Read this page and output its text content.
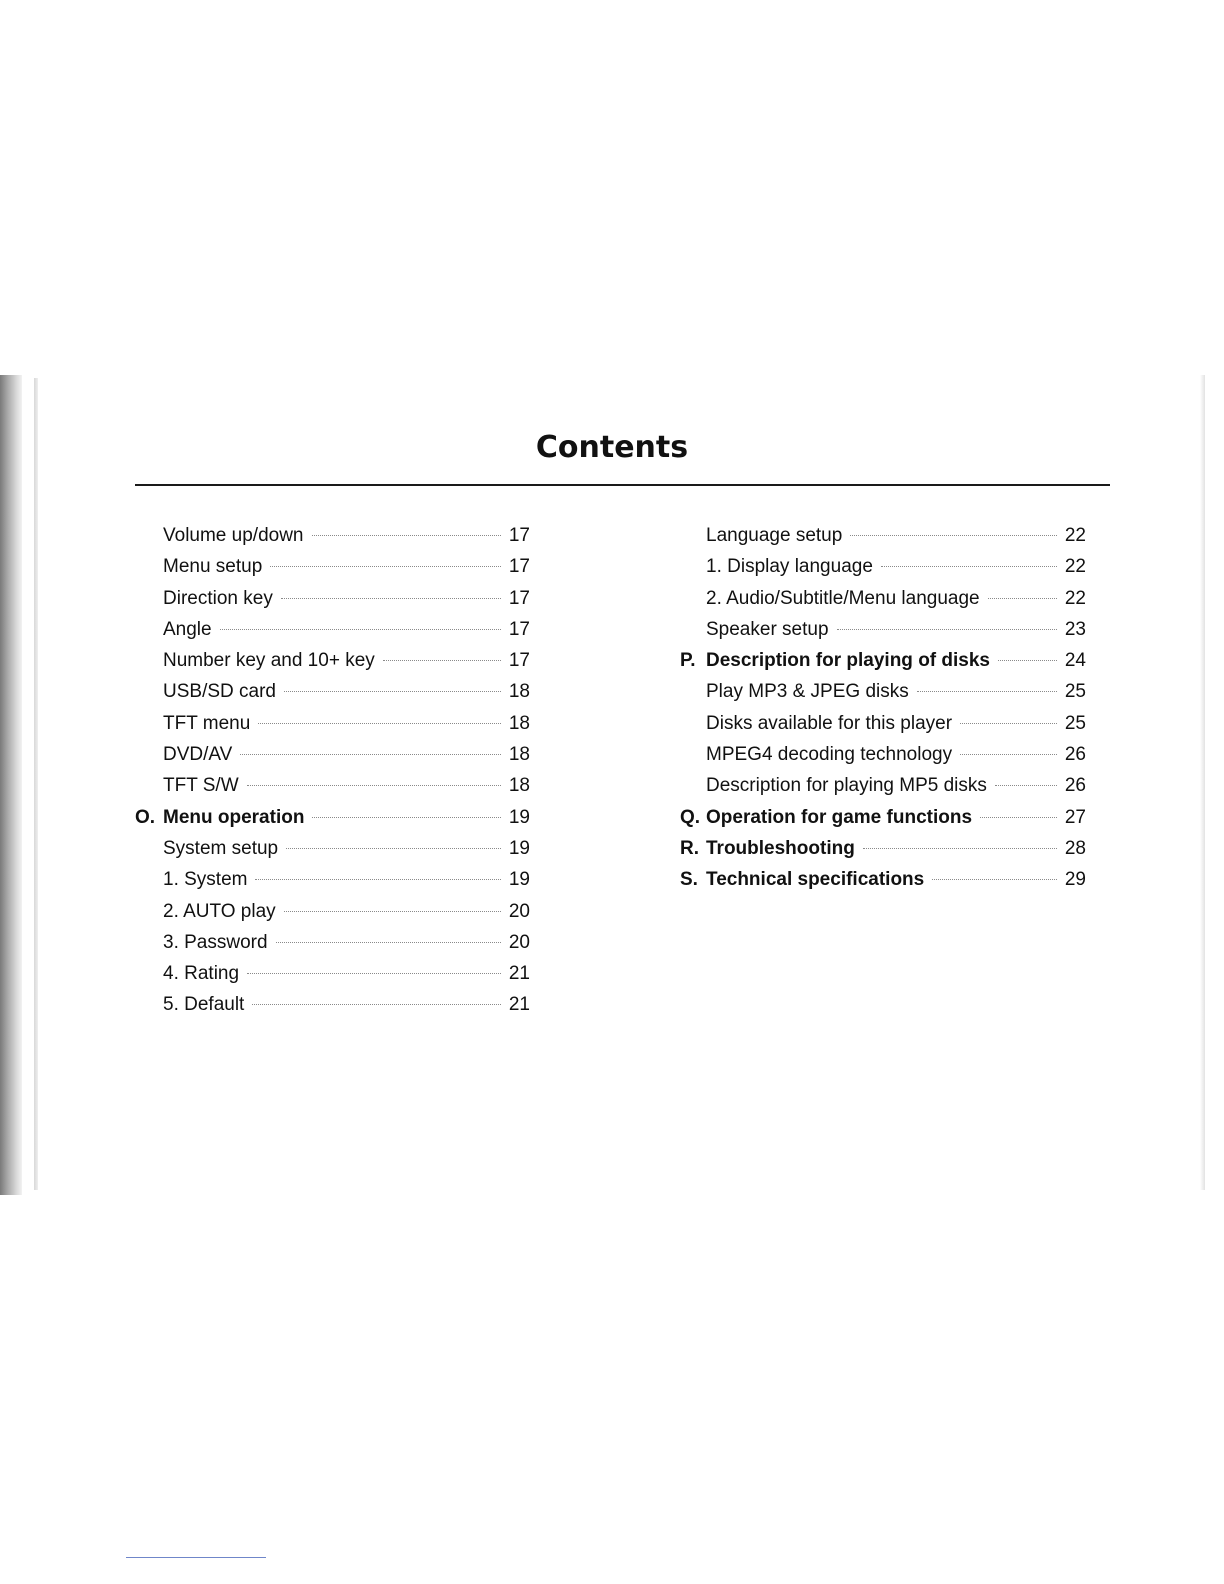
Contents
Volume up/down	17
Menu setup	17
Direction key	17
Angle	17
Number key and 10+ key	17
USB/SD card	18
TFT menu	18
DVD/AV	18
TFT S/W	18
O. Menu operation	19
System setup	19
1. System	19
2. AUTO play	20
3. Password	20
4. Rating	21
5. Default	21
Language setup	22
1. Display language	22
2. Audio/Subtitle/Menu language	22
Speaker setup	23
P. Description for playing of disks	24
Play MP3 & JPEG disks	25
Disks available for this player	25
MPEG4 decoding technology	26
Description for playing MP5 disks	26
Q. Operation for game functions	27
R. Troubleshooting	28
S. Technical specifications	29
